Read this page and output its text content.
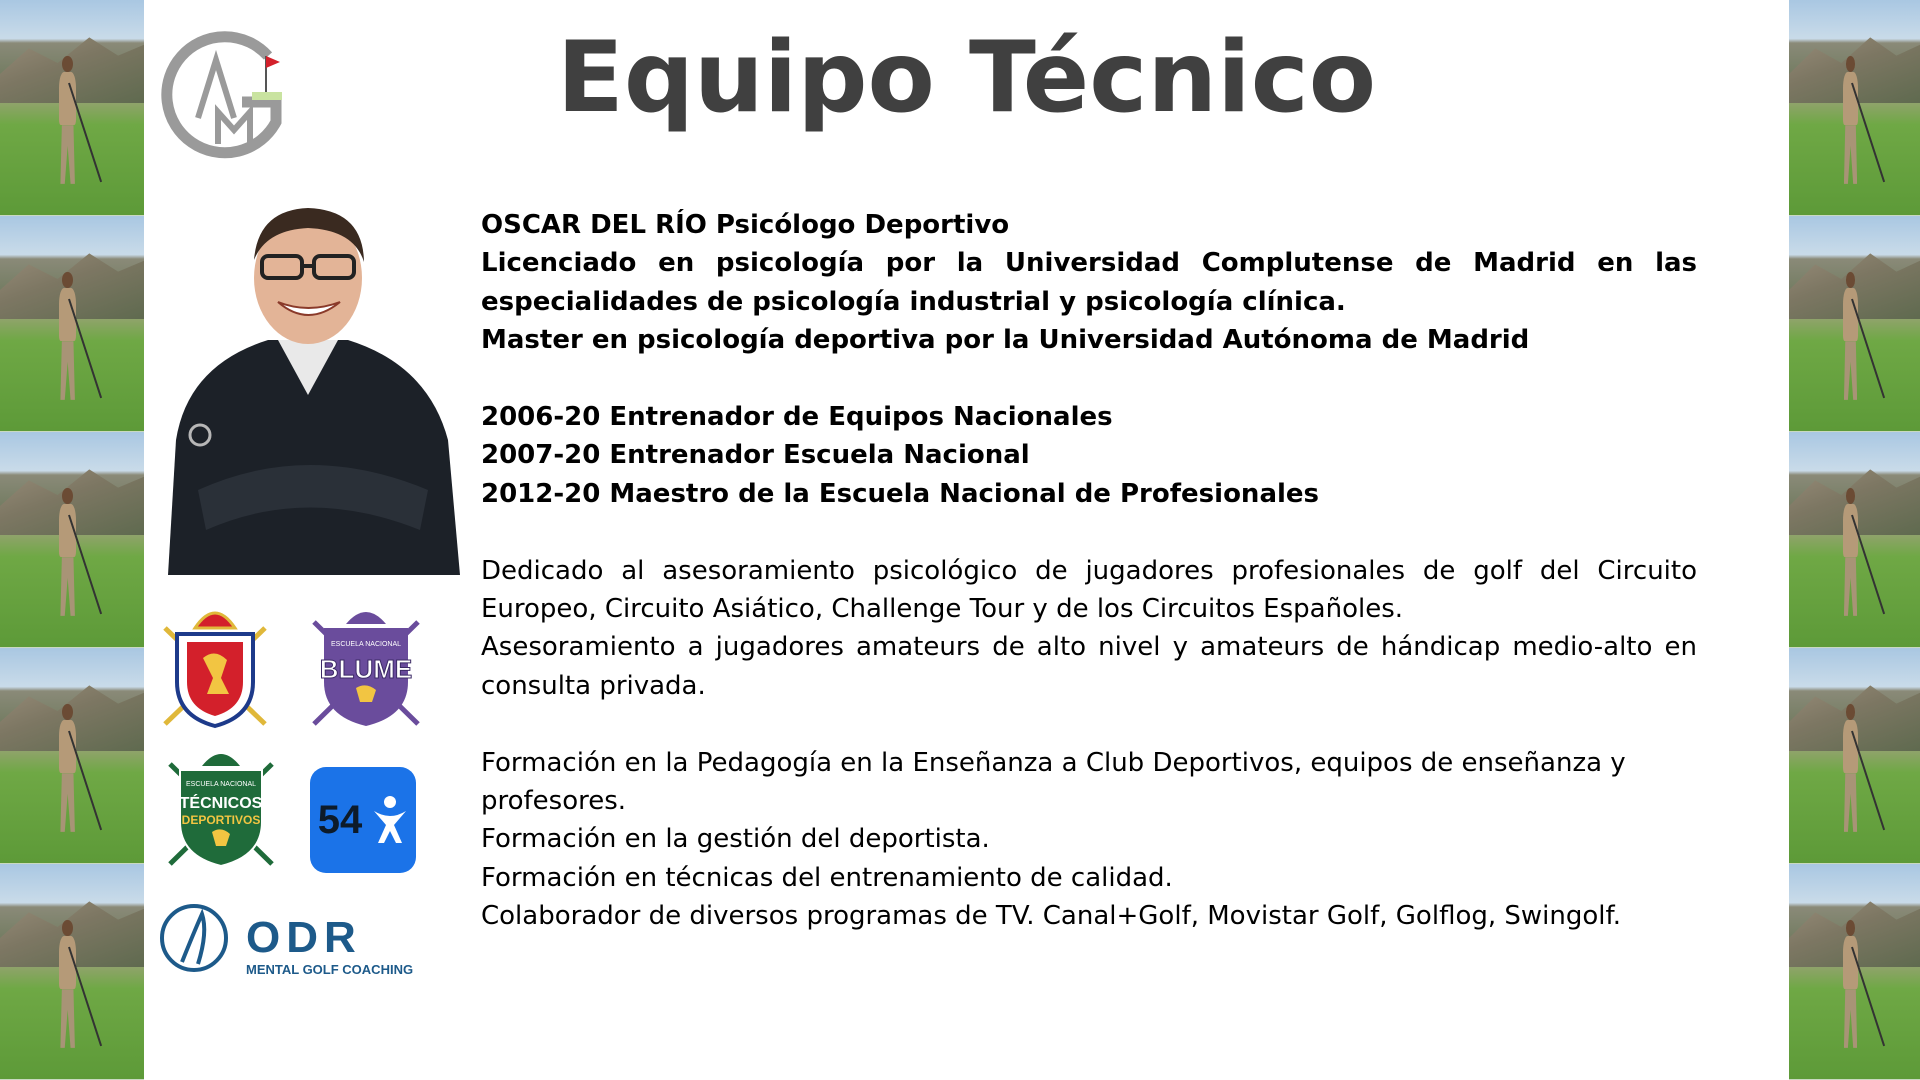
Equipo Técnico
ESCUELA NACIONAL
BLUME
ESCUELA NACIONAL
TÉCNICOS
DEPORTIVOS 54
ODR
MENTAL GOLF COACHING

OSCAR DEL RÍO Psicólogo Deportivo

Licenciado en psicología por la Universidad Complutense de Madrid en las especialidades de psicología industrial y psicología clínica.

Master en psicología deportiva por la Universidad Autónoma de Madrid

2006-20 Entrenador de Equipos Nacionales

2007-20 Entrenador Escuela Nacional

2012-20 Maestro de la Escuela Nacional de Profesionales

Dedicado al asesoramiento psicológico de jugadores profesionales de golf del Circuito Europeo, Circuito Asiático, Challenge Tour y de los Circuitos Españoles.

Asesoramiento a jugadores amateurs de alto nivel y amateurs de hándicap medio-alto en consulta privada.

Formación en la Pedagogía en la Enseñanza a Club Deportivos, equipos de enseñanza y profesores.

Formación en la gestión del deportista.

Formación en técnicas del entrenamiento de calidad.

Colaborador de diversos programas de TV. Canal+Golf, Movistar Golf, Golflog, Swingolf.
